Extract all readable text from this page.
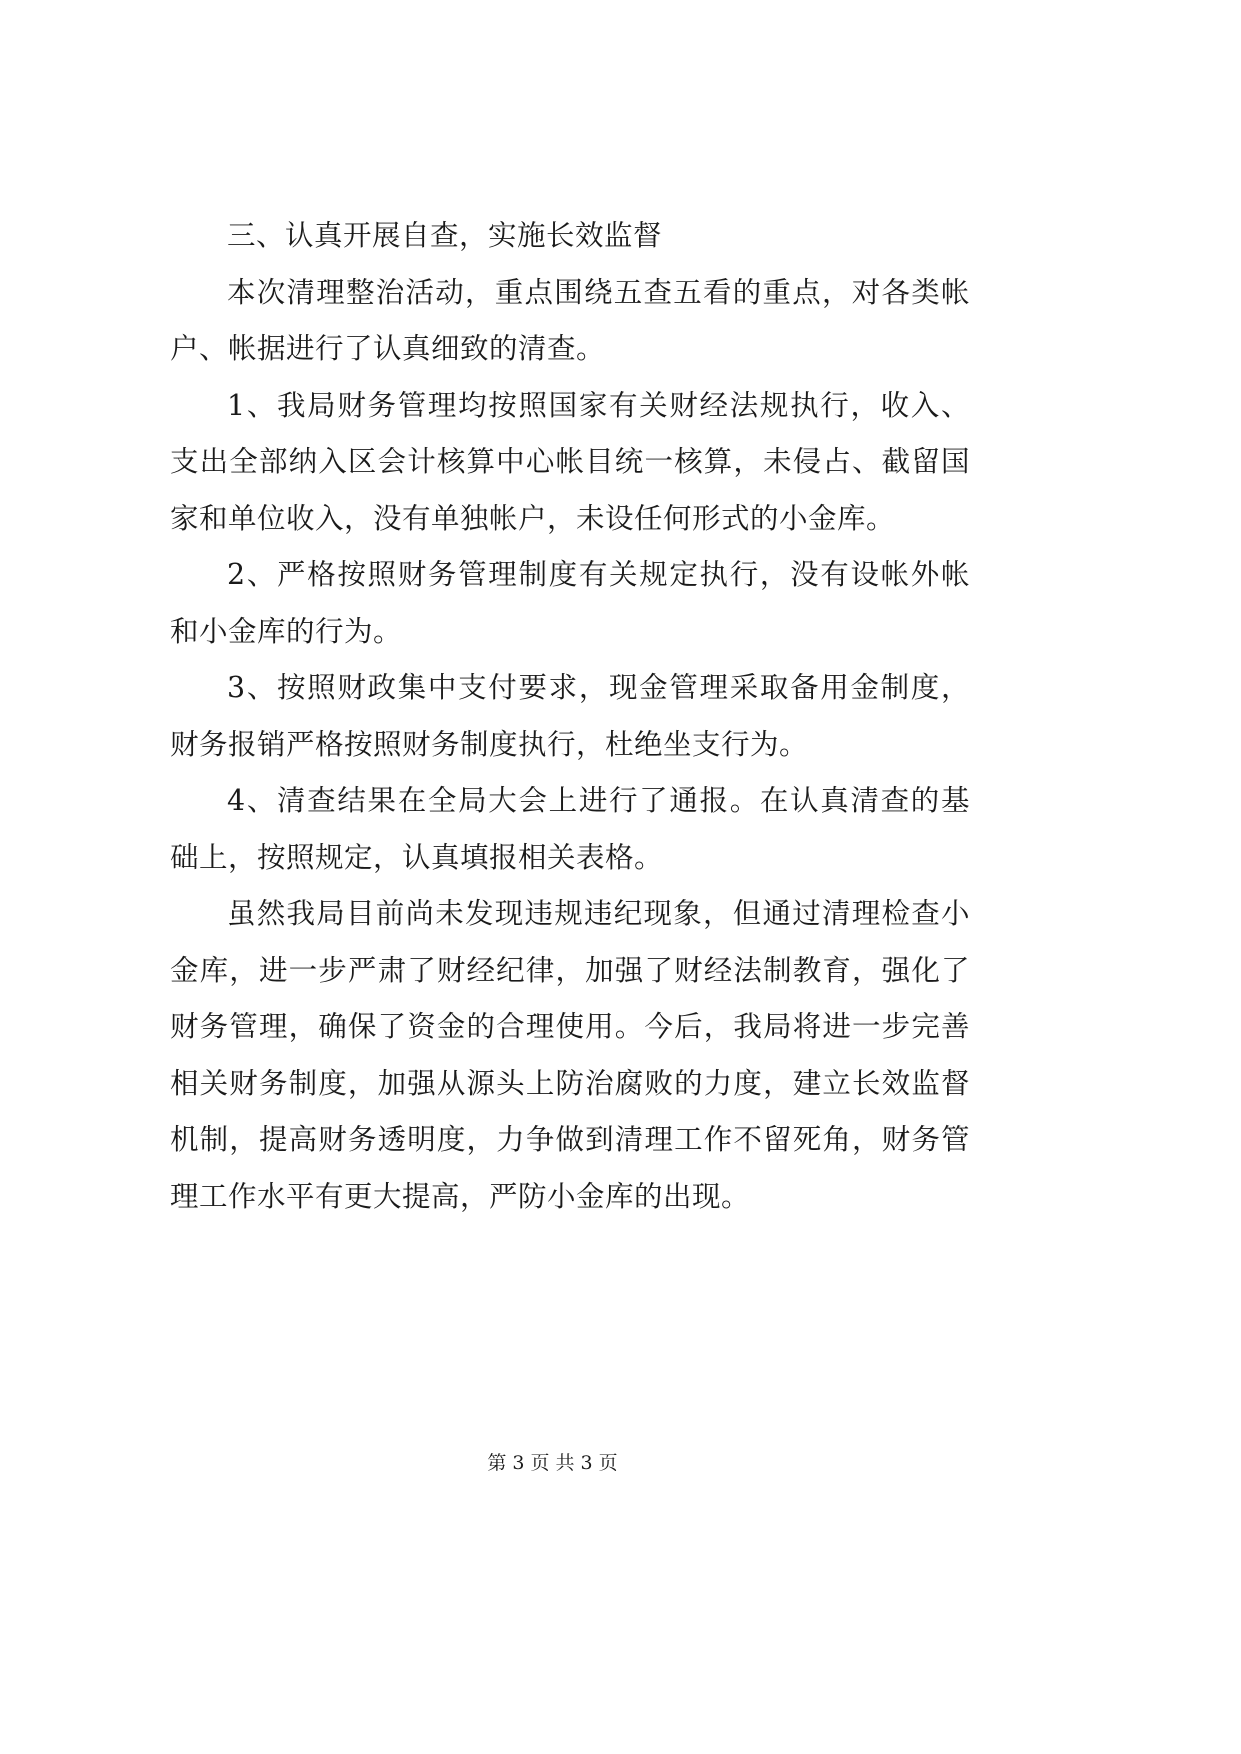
三、认真开展自查，实施长效监督

本次清理整治活动，重点围绕五查五看的重点，对各类帐户、帐据进行了认真细致的清查。

1、我局财务管理均按照国家有关财经法规执行，收入、支出全部纳入区会计核算中心帐目统一核算，未侵占、截留国家和单位收入，没有单独帐户，未设任何形式的小金库。

2、严格按照财务管理制度有关规定执行，没有设帐外帐和小金库的行为。

3、按照财政集中支付要求，现金管理采取备用金制度，财务报销严格按照财务制度执行，杜绝坐支行为。

4、清查结果在全局大会上进行了通报。在认真清查的基础上，按照规定，认真填报相关表格。

虽然我局目前尚未发现违规违纪现象，但通过清理检查小金库，进一步严肃了财经纪律，加强了财经法制教育，强化了财务管理，确保了资金的合理使用。今后，我局将进一步完善相关财务制度，加强从源头上防治腐败的力度，建立长效监督机制，提高财务透明度，力争做到清理工作不留死角，财务管理工作水平有更大提高，严防小金库的出现。

第 3 页 共 3 页
